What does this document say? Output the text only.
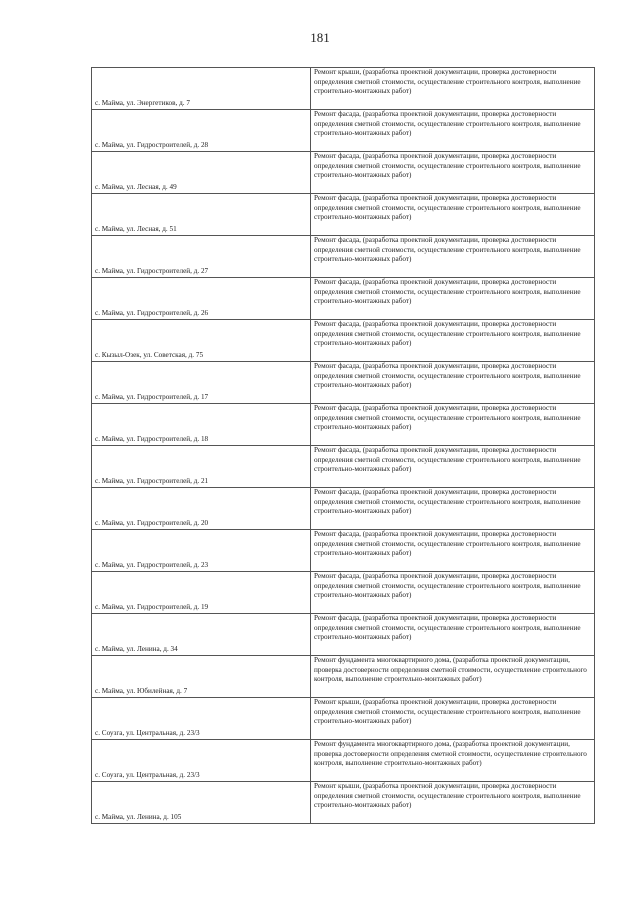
181
с. Майма, ул. Энергетиков, д. 7	Ремонт крыши, (разработка проектной документации, проверка достоверности определения сметной стоимости, осуществление строительного контроля, выполнение строительно-монтажных работ)
с. Майма, ул. Гидростроителей, д. 28	Ремонт фасада, (разработка проектной документации, проверка достоверности определения сметной стоимости, осуществление строительного контроля, выполнение строительно-монтажных работ)
с. Майма, ул. Лесная, д. 49	Ремонт фасада, (разработка проектной документации, проверка достоверности определения сметной стоимости, осуществление строительного контроля, выполнение строительно-монтажных работ)
с. Майма, ул. Лесная, д. 51	Ремонт фасада, (разработка проектной документации, проверка достоверности определения сметной стоимости, осуществление строительного контроля, выполнение строительно-монтажных работ)
с. Майма, ул. Гидростроителей, д. 27	Ремонт фасада, (разработка проектной документации, проверка достоверности определения сметной стоимости, осуществление строительного контроля, выполнение строительно-монтажных работ)
с. Майма, ул. Гидростроителей, д. 26	Ремонт фасада, (разработка проектной документации, проверка достоверности определения сметной стоимости, осуществление строительного контроля, выполнение строительно-монтажных работ)
с. Кызыл-Озек, ул. Советская, д. 75	Ремонт фасада, (разработка проектной документации, проверка достоверности определения сметной стоимости, осуществление строительного контроля, выполнение строительно-монтажных работ)
с. Майма, ул. Гидростроителей, д. 17	Ремонт фасада, (разработка проектной документации, проверка достоверности определения сметной стоимости, осуществление строительного контроля, выполнение строительно-монтажных работ)
с. Майма, ул. Гидростроителей, д. 18	Ремонт фасада, (разработка проектной документации, проверка достоверности определения сметной стоимости, осуществление строительного контроля, выполнение строительно-монтажных работ)
с. Майма, ул. Гидростроителей, д. 21	Ремонт фасада, (разработка проектной документации, проверка достоверности определения сметной стоимости, осуществление строительного контроля, выполнение строительно-монтажных работ)
с. Майма, ул. Гидростроителей, д. 20	Ремонт фасада, (разработка проектной документации, проверка достоверности определения сметной стоимости, осуществление строительного контроля, выполнение строительно-монтажных работ)
с. Майма, ул. Гидростроителей, д. 23	Ремонт фасада, (разработка проектной документации, проверка достоверности определения сметной стоимости, осуществление строительного контроля, выполнение строительно-монтажных работ)
с. Майма, ул. Гидростроителей, д. 19	Ремонт фасада, (разработка проектной документации, проверка достоверности определения сметной стоимости, осуществление строительного контроля, выполнение строительно-монтажных работ)
с. Майма, ул. Ленина, д. 34	Ремонт фасада, (разработка проектной документации, проверка достоверности определения сметной стоимости, осуществление строительного контроля, выполнение строительно-монтажных работ)
с. Майма, ул. Юбилейная, д. 7	Ремонт фундамента многоквартирного дома, (разработка проектной документации, проверка достоверности определения сметной стоимости, осуществление строительного контроля, выполнение строительно-монтажных работ)
с. Соузга, ул. Центральная, д. 23/3	Ремонт крыши, (разработка проектной документации, проверка достоверности определения сметной стоимости, осуществление строительного контроля, выполнение строительно-монтажных работ)
с. Соузга, ул. Центральная, д. 23/3	Ремонт фундамента многоквартирного дома, (разработка проектной документации, проверка достоверности определения сметной стоимости, осуществление строительного контроля, выполнение строительно-монтажных работ)
с. Майма, ул. Ленина, д. 105	Ремонт крыши, (разработка проектной документации, проверка достоверности определения сметной стоимости, осуществление строительного контроля, выполнение строительно-монтажных работ)
